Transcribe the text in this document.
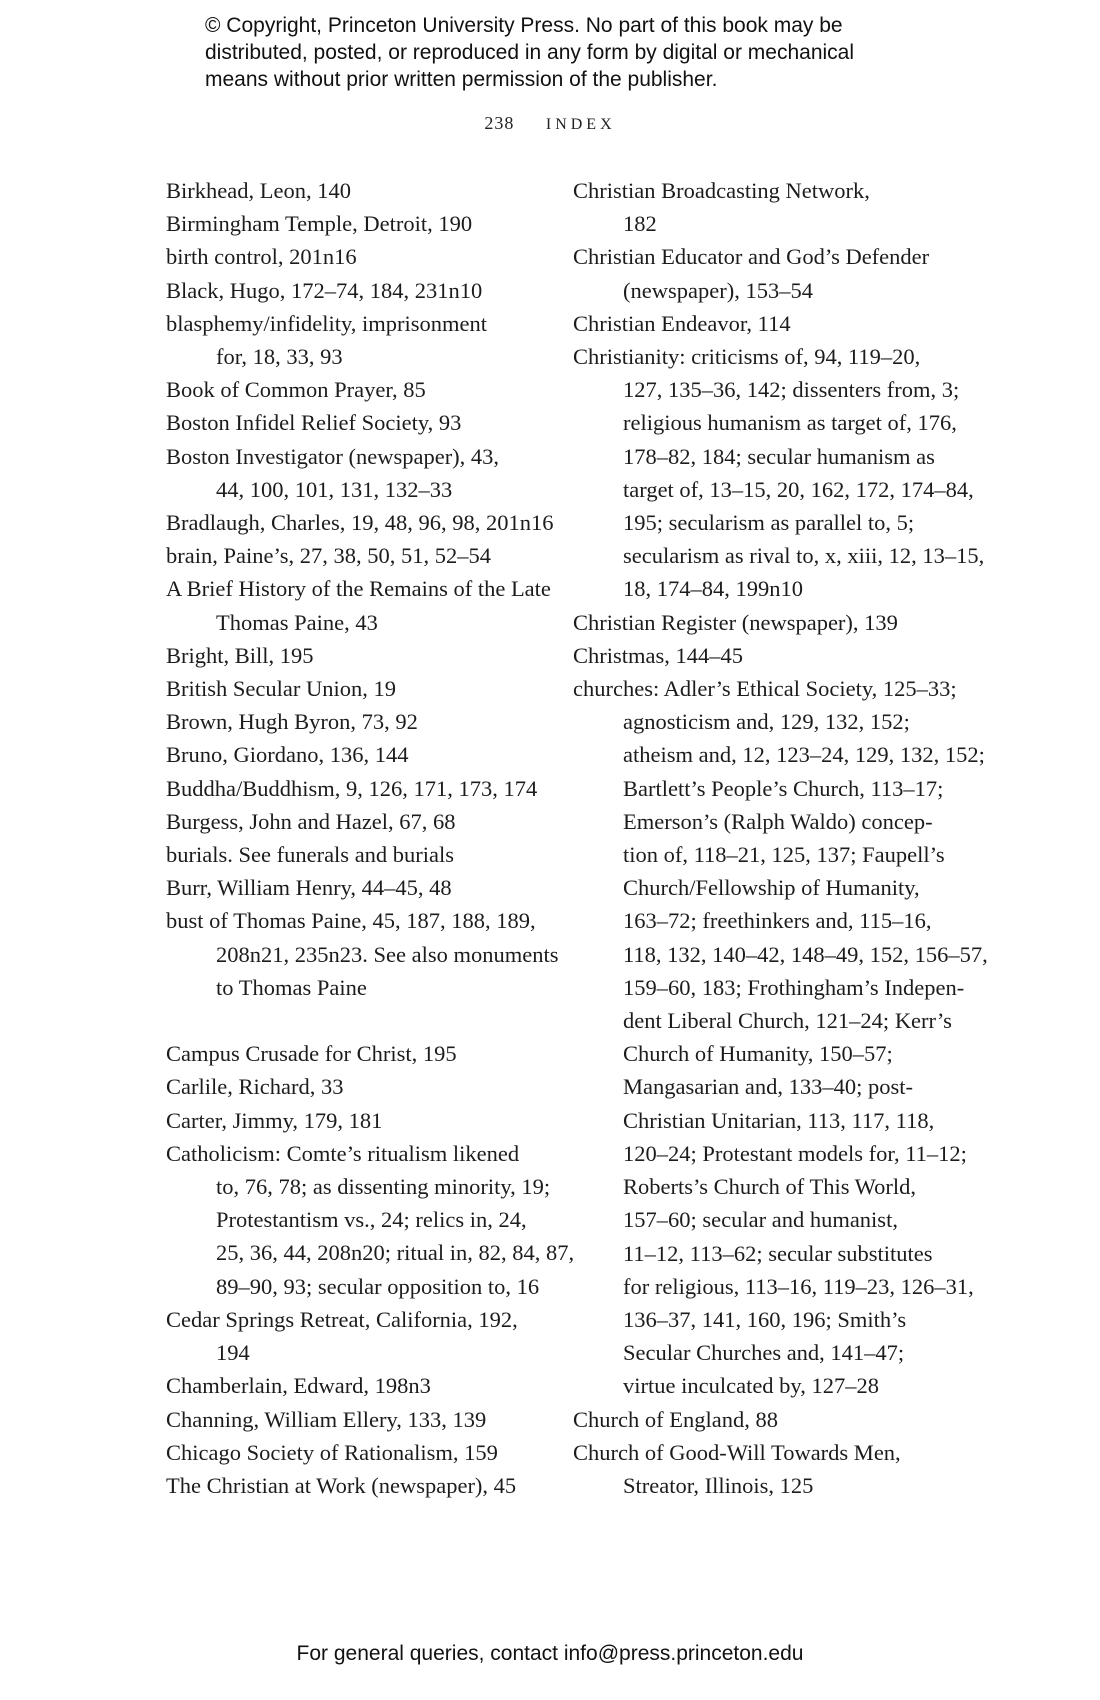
© Copyright, Princeton University Press. No part of this book may be
distributed, posted, or reproduced in any form by digital or mechanical
means without prior written permission of the publisher.
238 INDEX
Birkhead, Leon, 140
Birmingham Temple, Detroit, 190
birth control, 201n16
Black, Hugo, 172–74, 184, 231n10
blasphemy/infidelity, imprisonment
for, 18, 33, 93
Book of Common Prayer, 85
Boston Infidel Relief Society, 93
Boston Investigator (newspaper), 43,
44, 100, 101, 131, 132–33
Bradlaugh, Charles, 19, 48, 96, 98, 201n16
brain, Paine’s, 27, 38, 50, 51, 52–54
A Brief History of the Remains of the Late
Thomas Paine, 43
Bright, Bill, 195
British Secular Union, 19
Brown, Hugh Byron, 73, 92
Bruno, Giordano, 136, 144
Buddha/Buddhism, 9, 126, 171, 173, 174
Burgess, John and Hazel, 67, 68
burials. See funerals and burials
Burr, William Henry, 44–45, 48
bust of Thomas Paine, 45, 187, 188, 189,
208n21, 235n23. See also monuments
to Thomas Paine
Campus Crusade for Christ, 195
Carlile, Richard, 33
Carter, Jimmy, 179, 181
Catholicism: Comte’s ritualism likened
to, 76, 78; as dissenting minority, 19;
Protestantism vs., 24; relics in, 24,
25, 36, 44, 208n20; ritual in, 82, 84, 87,
89–90, 93; secular opposition to, 16
Cedar Springs Retreat, California, 192,
194
Chamberlain, Edward, 198n3
Channing, William Ellery, 133, 139
Chicago Society of Rationalism, 159
The Christian at Work (newspaper), 45
Christian Broadcasting Network,
182
Christian Educator and God’s Defender
(newspaper), 153–54
Christian Endeavor, 114
Christianity: criticisms of, 94, 119–20,
127, 135–36, 142; dissenters from, 3;
religious humanism as target of, 176,
178–82, 184; secular humanism as
target of, 13–15, 20, 162, 172, 174–84,
195; secularism as parallel to, 5;
secularism as rival to, x, xiii, 12, 13–15,
18, 174–84, 199n10
Christian Register (newspaper), 139
Christmas, 144–45
churches: Adler’s Ethical Society, 125–33;
agnosticism and, 129, 132, 152;
atheism and, 12, 123–24, 129, 132, 152;
Bartlett’s People’s Church, 113–17;
Emerson’s (Ralph Waldo) concep-
tion of, 118–21, 125, 137; Faupell’s
Church/Fellowship of Humanity,
163–72; freethinkers and, 115–16,
118, 132, 140–42, 148–49, 152, 156–57,
159–60, 183; Frothingham’s Indepen-
dent Liberal Church, 121–24; Kerr’s
Church of Humanity, 150–57;
Mangasarian and, 133–40; post-
Christian Unitarian, 113, 117, 118,
120–24; Protestant models for, 11–12;
Roberts’s Church of This World,
157–60; secular and humanist,
11–12, 113–62; secular substitutes
for religious, 113–16, 119–23, 126–31,
136–37, 141, 160, 196; Smith’s
Secular Churches and, 141–47;
virtue inculcated by, 127–28
Church of England, 88
Church of Good-Will Towards Men,
Streator, Illinois, 125
For general queries, contact info@press.princeton.edu
